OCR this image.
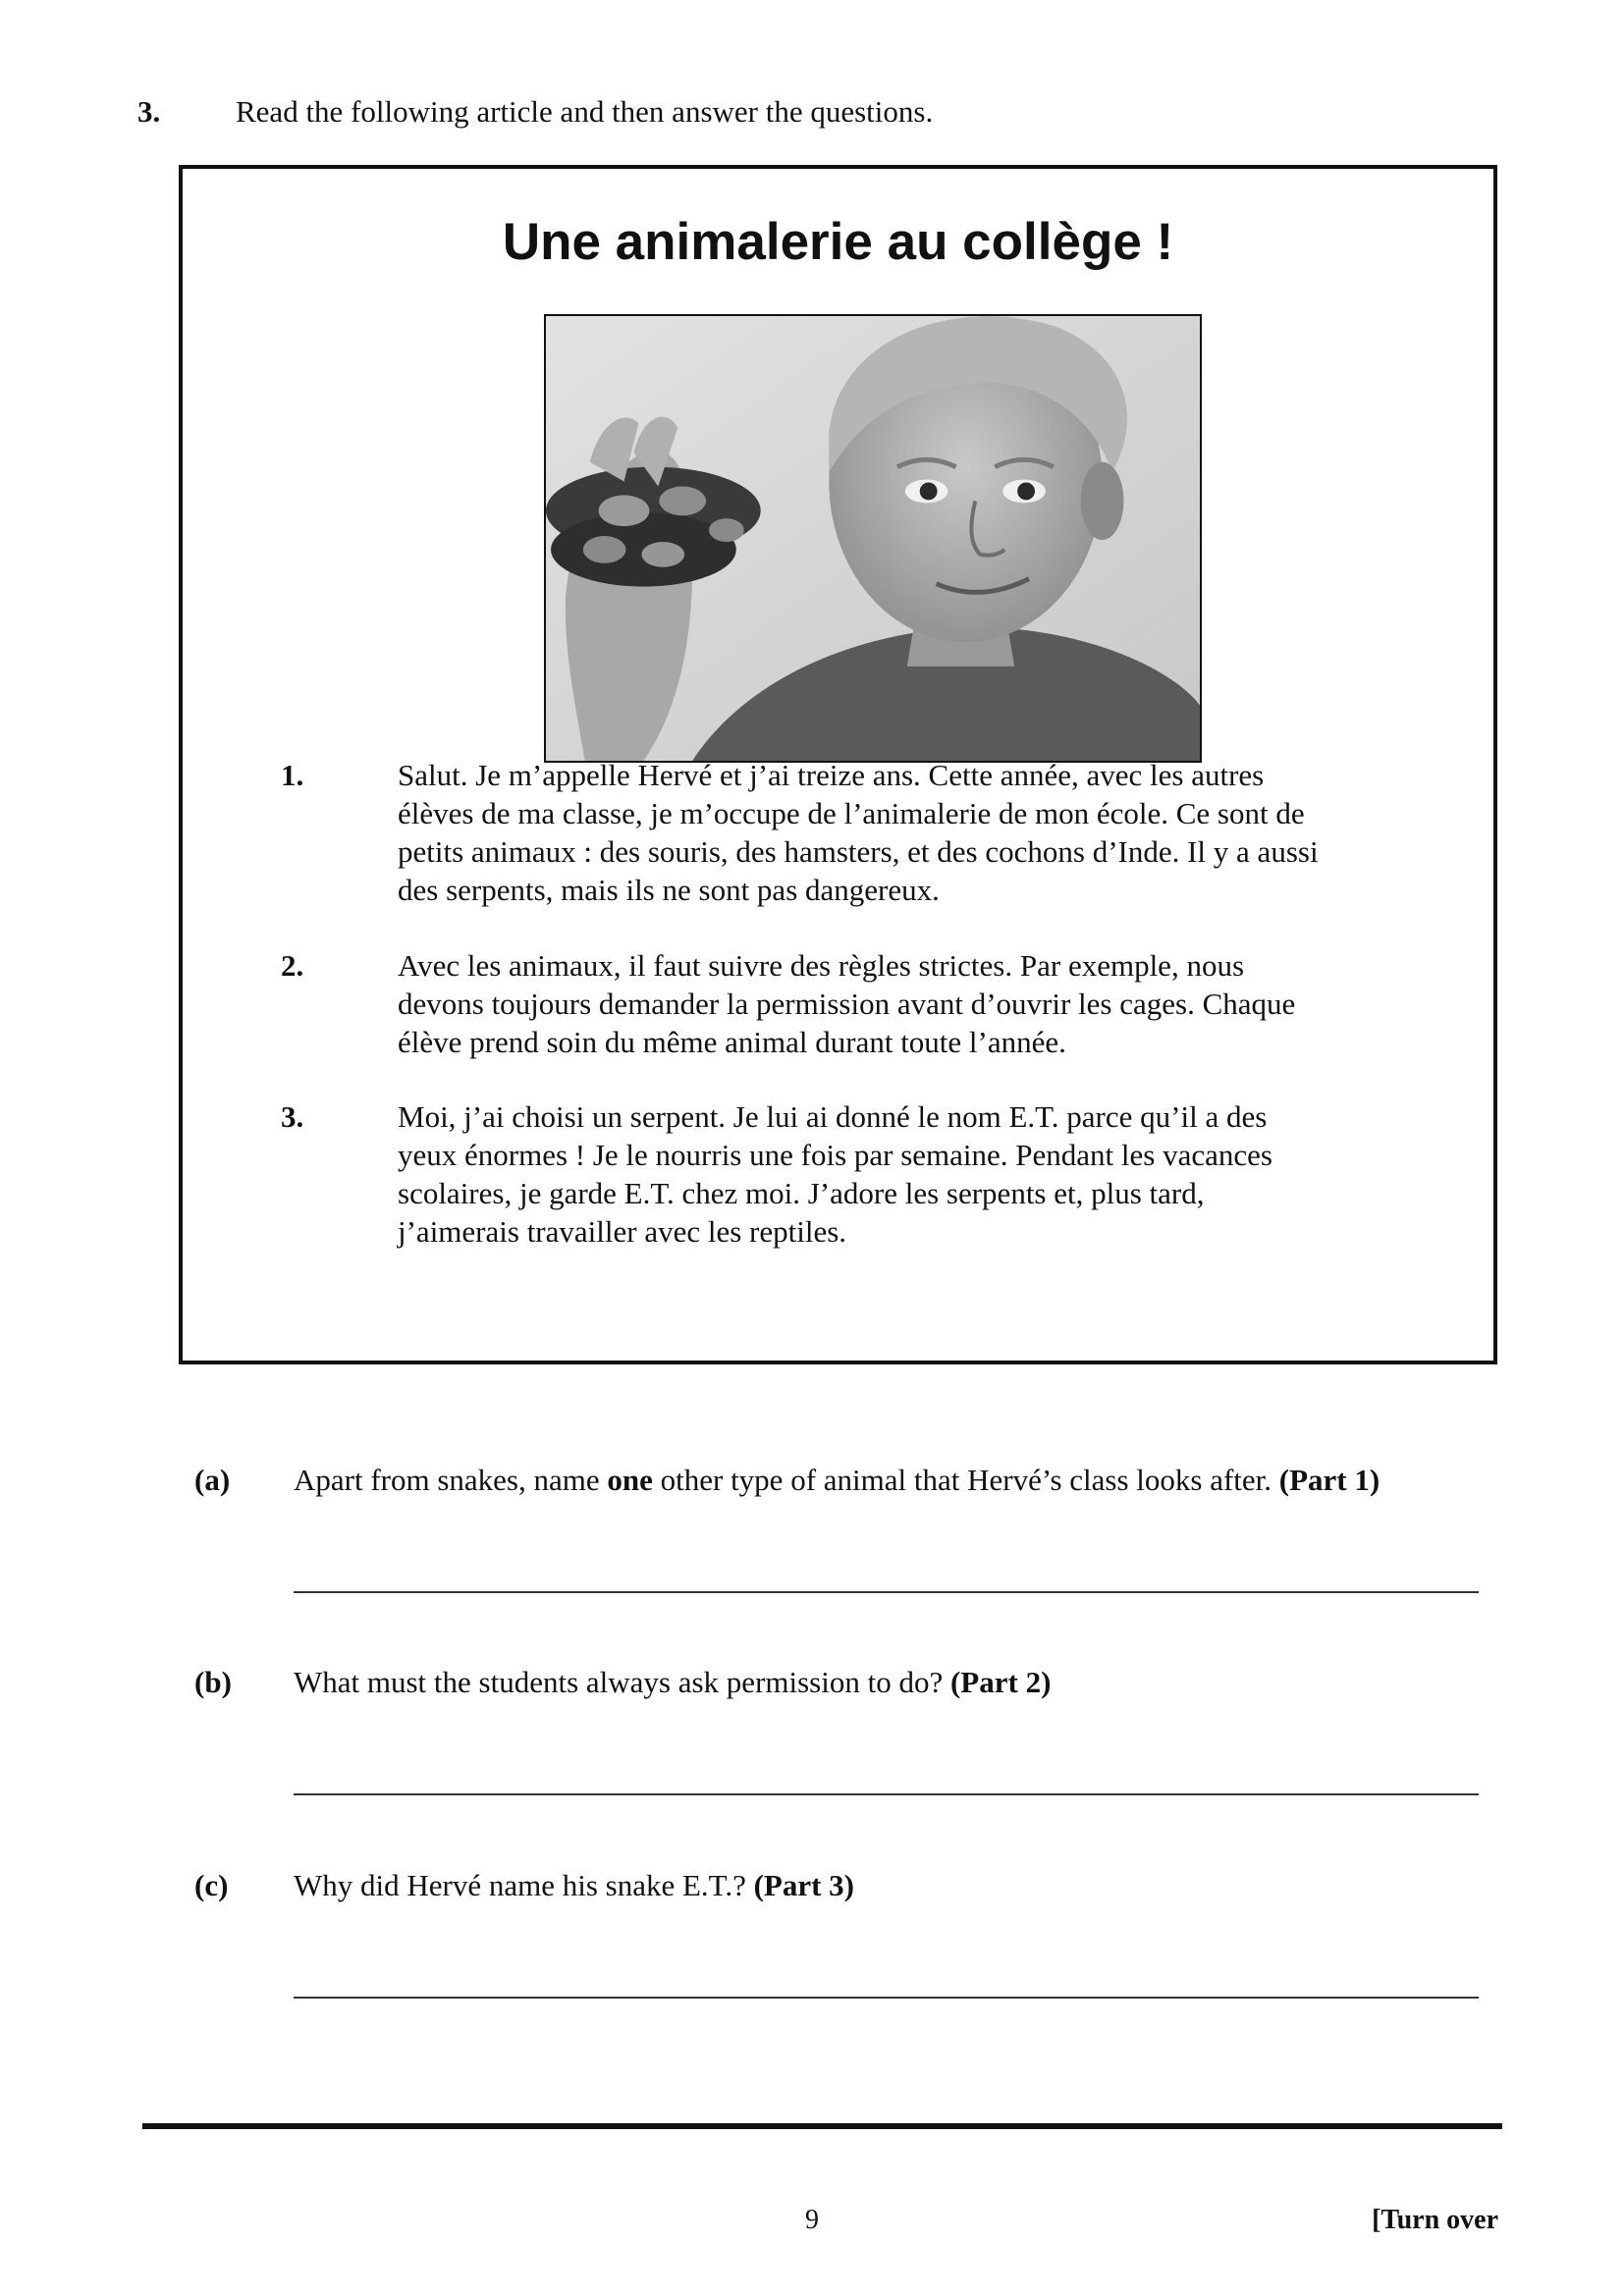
3. Read the following article and then answer the questions.
Une animalerie au collège !
1.	Salut. Je m’appelle Hervé et j’ai treize ans. Cette année, avec les autres
élèves de ma classe, je m’occupe de l’animalerie de mon école. Ce sont de
petits animaux : des souris, des hamsters, et des cochons d’Inde. Il y a aussi
des serpents, mais ils ne sont pas dangereux.
2.	Avec les animaux, il faut suivre des règles strictes. Par exemple, nous
devons toujours demander la permission avant d’ouvrir les cages. Chaque
élève prend soin du même animal durant toute l’année.
3.	Moi, j’ai choisi un serpent. Je lui ai donné le nom E.T. parce qu’il a des
yeux énormes ! Je le nourris une fois par semaine. Pendant les vacances
scolaires, je garde E.T. chez moi. J’adore les serpents et, plus tard,
j’aimerais travailler avec les reptiles.
(a) Apart from snakes, name one other type of animal that Hervé’s class looks after. (Part 1)
(b) What must the students always ask permission to do? (Part 2)
(c) Why did Hervé name his snake E.T.? (Part 3)
9	[Turn over
